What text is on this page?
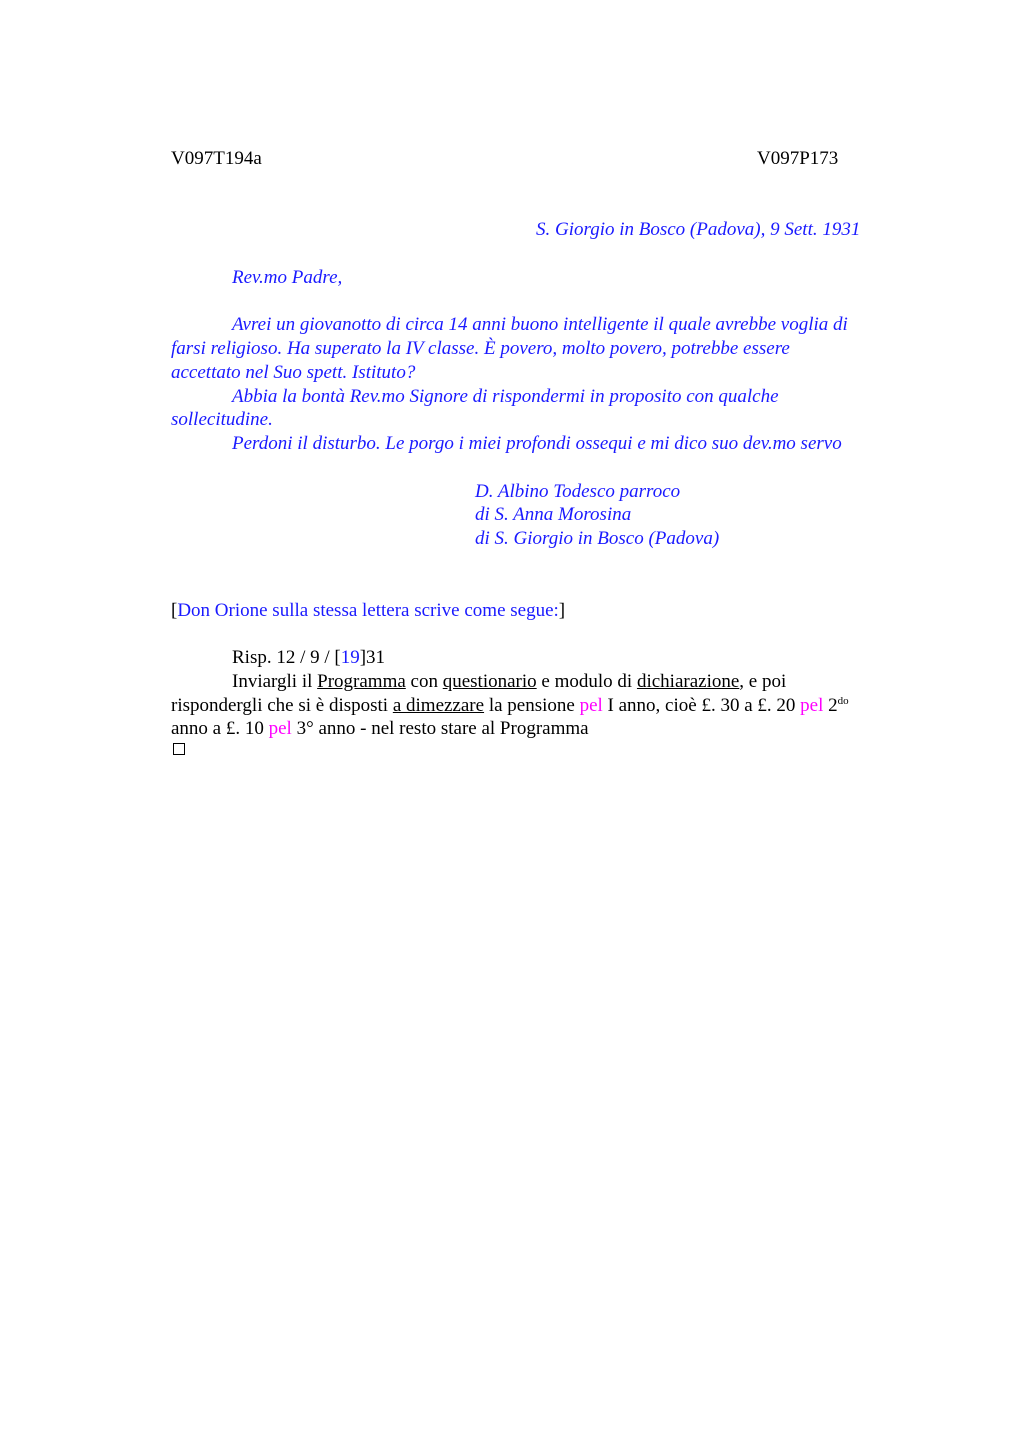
V097T194a	V097P173
S. Giorgio in Bosco (Padova), 9 Sett. 1931
Rev.mo Padre,
Avrei un giovanotto di circa 14 anni buono intelligente il quale avrebbe voglia di
farsi religioso. Ha superato la IV classe. È povero, molto povero, potrebbe essere
accettato nel Suo spett. Istituto?
Abbia la bontà Rev.mo Signore di rispondermi in proposito con qualche
sollecitudine.
Perdoni il disturbo. Le porgo i miei profondi ossequi e mi dico suo dev.mo servo
D. Albino Todesco parroco
di S. Anna Morosina
di S. Giorgio in Bosco (Padova)
[Don Orione sulla stessa lettera scrive come segue:]
Risp. 12 / 9 / [19]31
Inviargli il Programma con questionario e modulo di dichiarazione, e poi
rispondergli che si è disposti a dimezzare la pensione pel I anno, cioè £. 30 a £. 20 pel $2^{do}$
anno a £. 10 pel 3° anno - nel resto stare al Programma
